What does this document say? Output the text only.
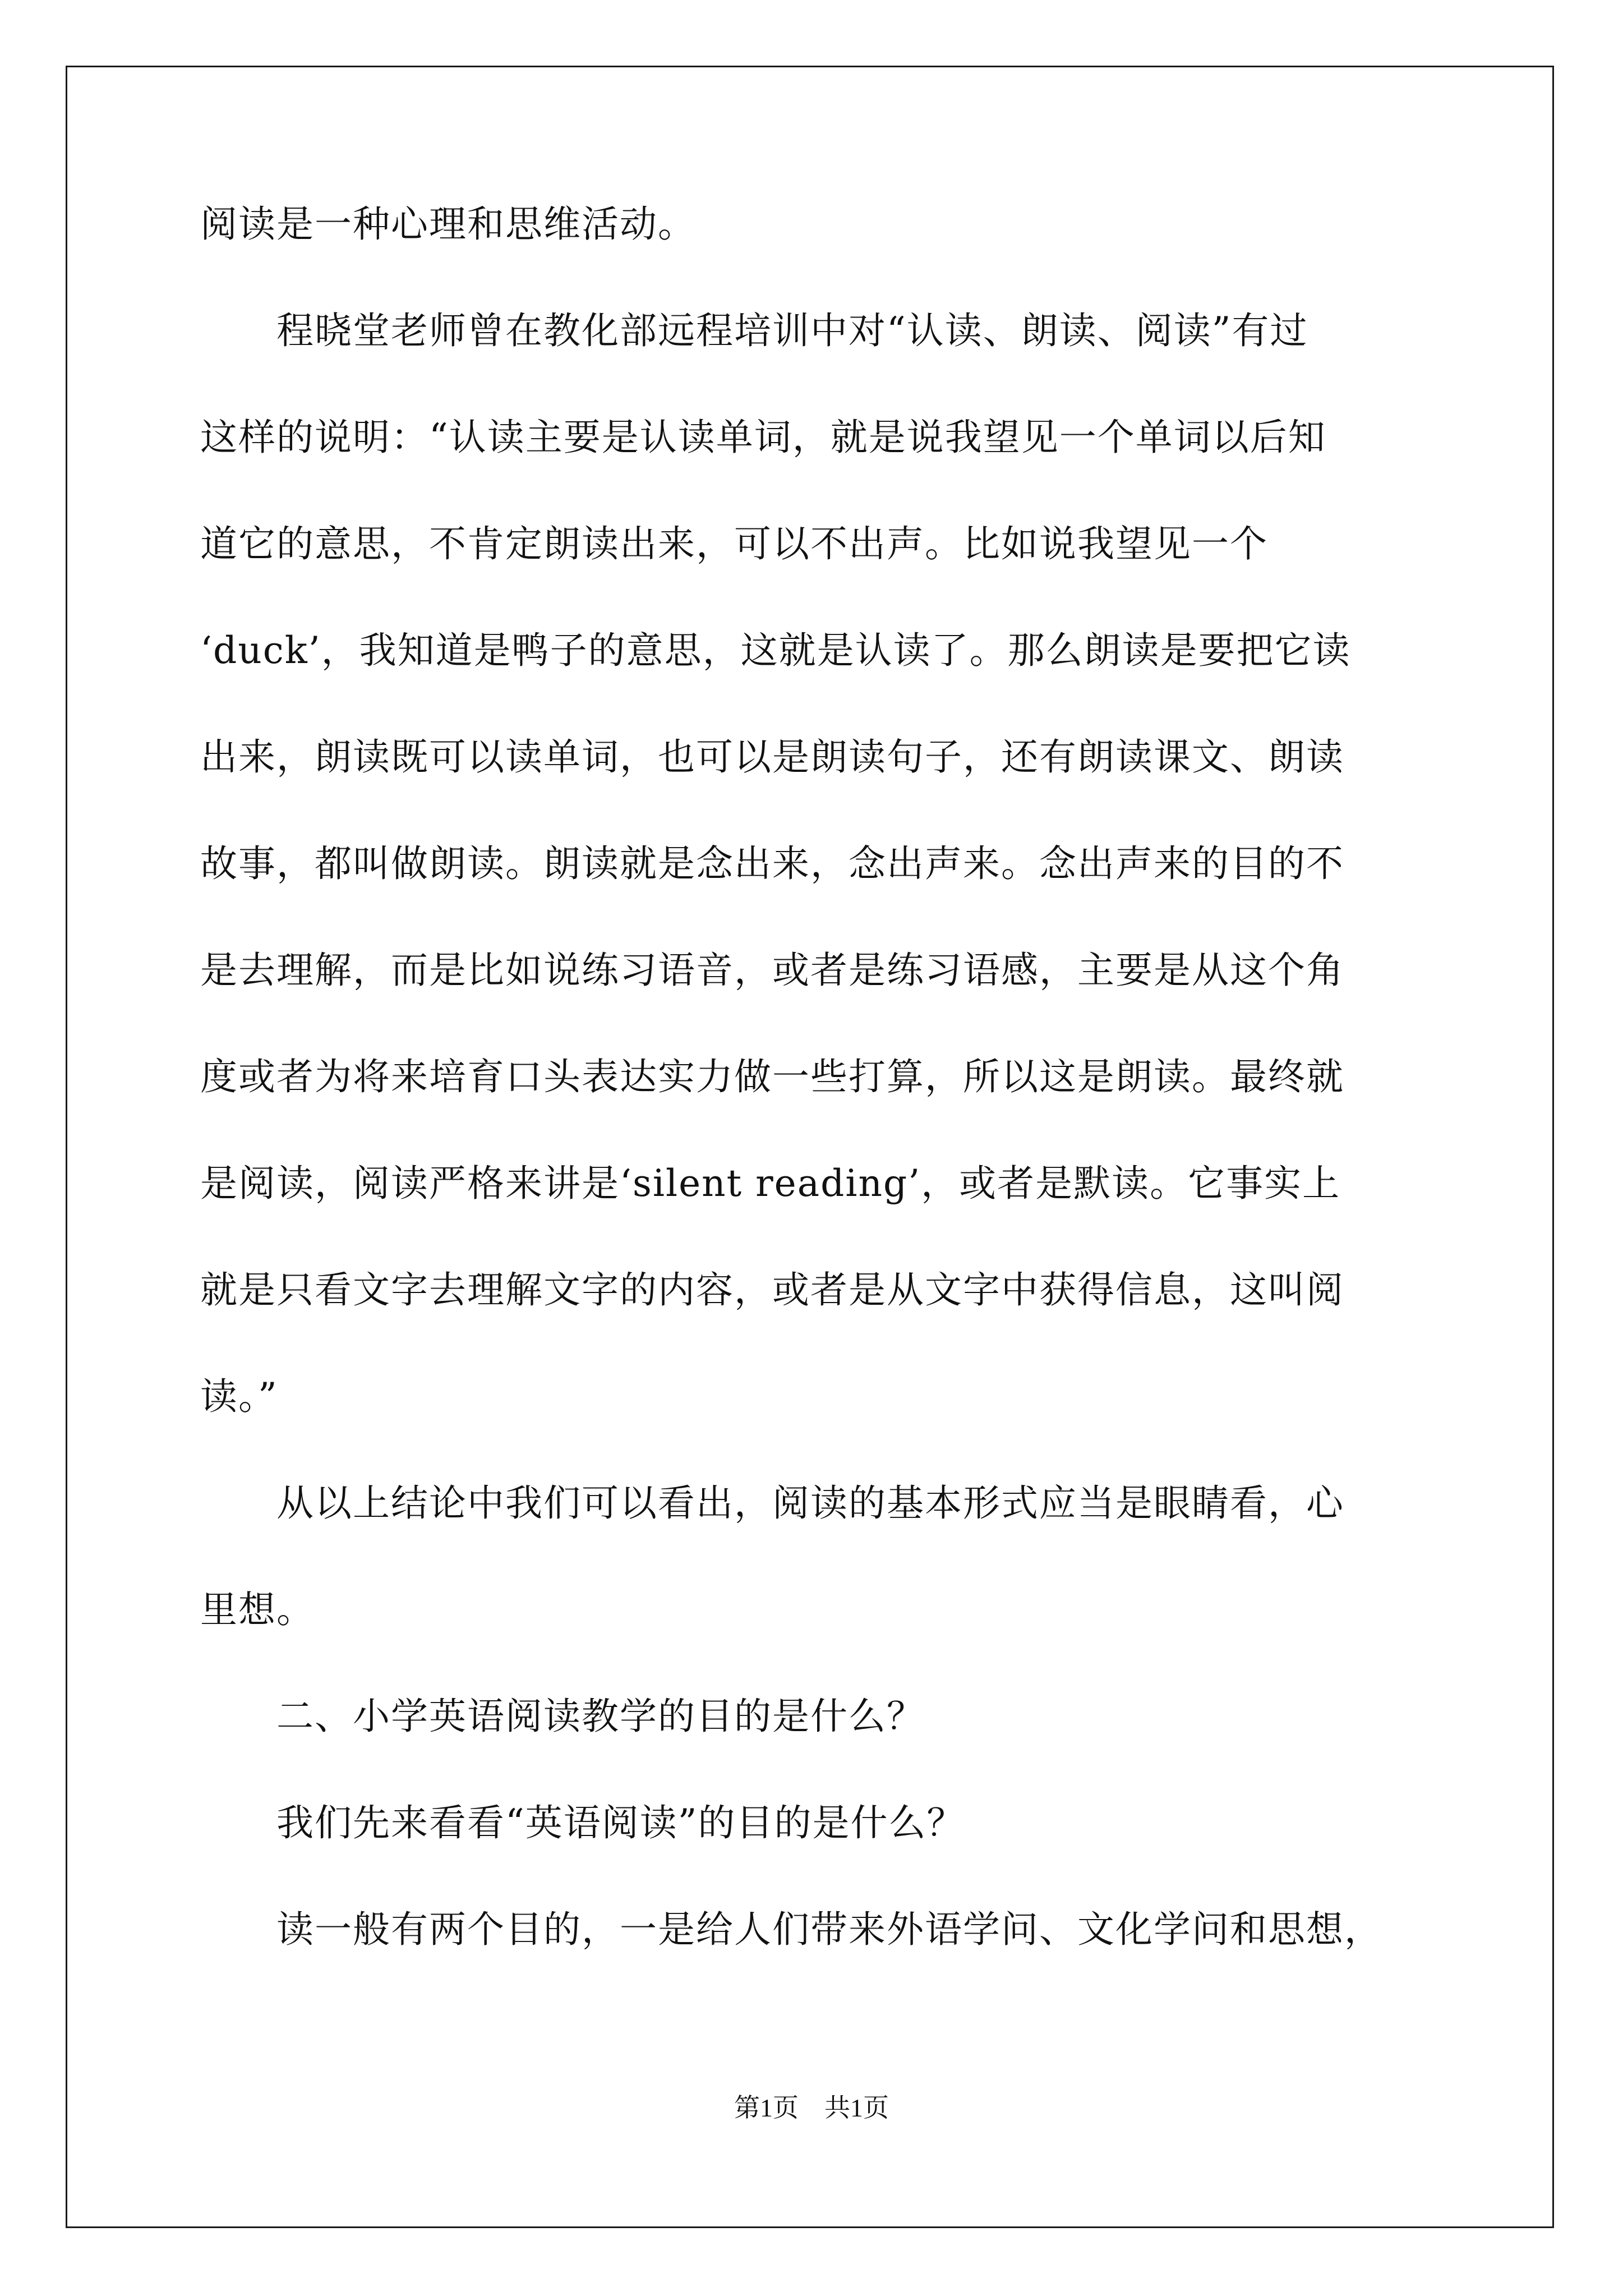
阅读是一种心理和思维活动。
　　程晓堂老师曾在教化部远程培训中对“认读、朗读、阅读”有过
这样的说明：“认读主要是认读单词，就是说我望见一个单词以后知
道它的意思，不肯定朗读出来，可以不出声。比如说我望见一个
‘duck’，我知道是鸭子的意思，这就是认读了。那么朗读是要把它读
出来，朗读既可以读单词，也可以是朗读句子，还有朗读课文、朗读
故事，都叫做朗读。朗读就是念出来，念出声来。念出声来的目的不
是去理解，而是比如说练习语音，或者是练习语感，主要是从这个角
度或者为将来培育口头表达实力做一些打算，所以这是朗读。最终就
是阅读，阅读严格来讲是‘silent reading’，或者是默读。它事实上
就是只看文字去理解文字的内容，或者是从文字中获得信息，这叫阅
读。”
　　从以上结论中我们可以看出，阅读的基本形式应当是眼睛看，心
里想。
　　二、小学英语阅读教学的目的是什么？
　　我们先来看看“英语阅读”的目的是什么？
　　读一般有两个目的，一是给人们带来外语学问、文化学问和思想，
第1页　共1页
